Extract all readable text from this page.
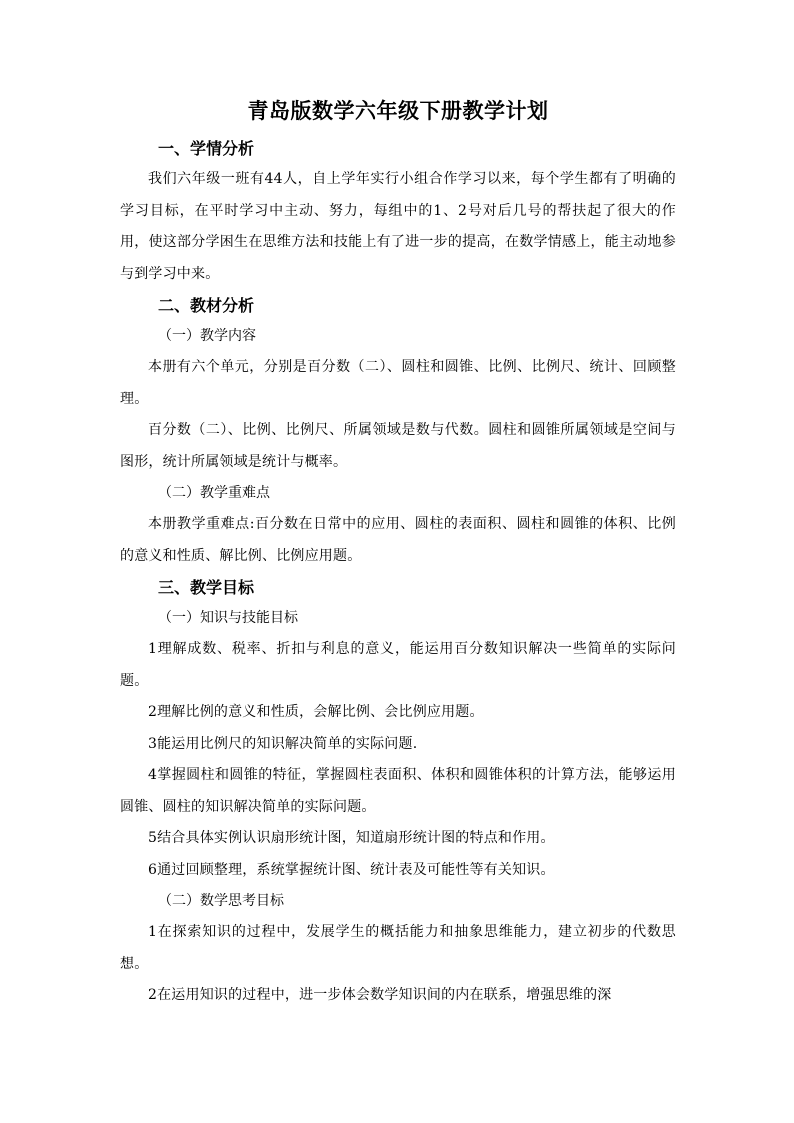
青岛版数学六年级下册教学计划
一、学情分析

我们六年级一班有44人，自上学年实行小组合作学习以来，每个学生都有了明确的学习目标，在平时学习中主动、努力，每组中的1、2号对后几号的帮扶起了很大的作用，使这部分学困生在思维方法和技能上有了进一步的提高，在数学情感上，能主动地参与到学习中来。

二、教材分析
（一）教学内容

本册有六个单元，分别是百分数（二）、圆柱和圆锥、比例、比例尺、统计、回顾整理。

百分数（二）、比例、比例尺、所属领域是数与代数。圆柱和圆锥所属领域是空间与图形，统计所属领域是统计与概率。

（二）教学重难点

本册教学重难点:百分数在日常中的应用、圆柱的表面积、圆柱和圆锥的体积、比例的意义和性质、解比例、比例应用题。

三、教学目标
（一）知识与技能目标

1理解成数、税率、折扣与利息的意义，能运用百分数知识解决一些简单的实际问题。

2理解比例的意义和性质，会解比例、会比例应用题。

3能运用比例尺的知识解决简单的实际问题.

4掌握圆柱和圆锥的特征，掌握圆柱表面积、体积和圆锥体积的计算方法，能够运用圆锥、圆柱的知识解决简单的实际问题。

5结合具体实例认识扇形统计图，知道扇形统计图的特点和作用。

6通过回顾整理，系统掌握统计图、统计表及可能性等有关知识。

（二）数学思考目标

1在探索知识的过程中，发展学生的概括能力和抽象思维能力，建立初步的代数思想。

2在运用知识的过程中，进一步体会数学知识间的内在联系，增强思维的深
